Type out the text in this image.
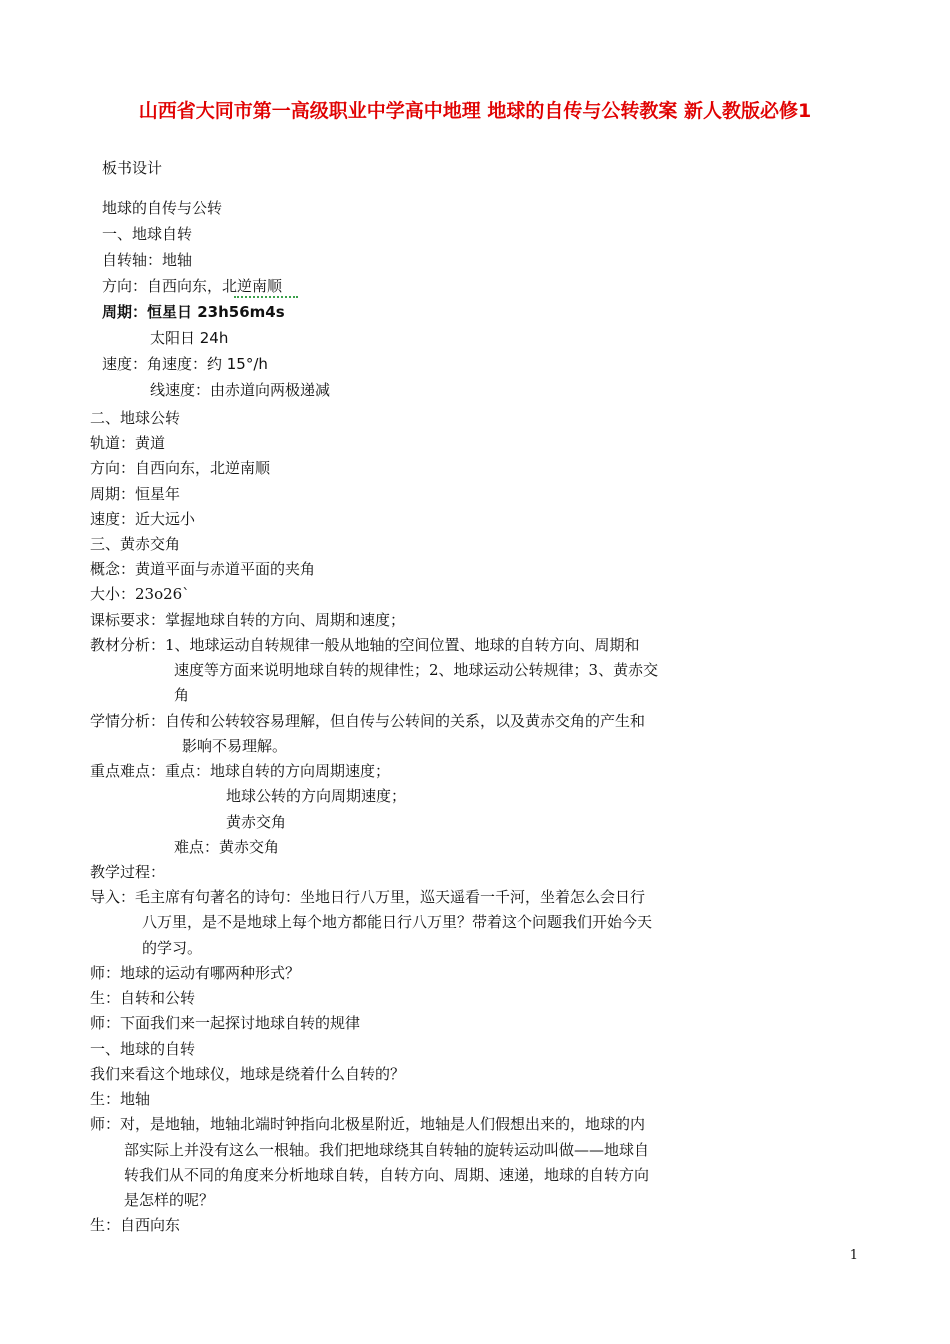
山西省大同市第一高级职业中学高中地理 地球的自传与公转教案 新人教版必修1
板书设计
地球的自传与公转
一、地球自转
自转轴：地轴
方向：自西向东，北逆南顺
周期：恒星日 23h56m4s
太阳日 24h
速度：角速度：约 15°/h
线速度：由赤道向两极递减
二、地球公转
轨道：黄道
方向：自西向东，北逆南顺
周期：恒星年
速度：近大远小
三、黄赤交角
概念：黄道平面与赤道平面的夹角
大小：23o26`
课标要求：掌握地球自转的方向、周期和速度；
教材分析：1、地球运动自转规律一般从地轴的空间位置、地球的自转方向、周期和
速度等方面来说明地球自转的规律性；2、地球运动公转规律；3、黄赤交
角
学情分析：自传和公转较容易理解，但自传与公转间的关系，以及黄赤交角的产生和
影响不易理解。
重点难点：重点：地球自转的方向周期速度；
地球公转的方向周期速度；
黄赤交角
难点：黄赤交角
教学过程：
导入：毛主席有句著名的诗句：坐地日行八万里，巡天遥看一千河，坐着怎么会日行
八万里，是不是地球上每个地方都能日行八万里？带着这个问题我们开始今天
的学习。
师：地球的运动有哪两种形式？
生：自转和公转
师：下面我们来一起探讨地球自转的规律
一、地球的自转
我们来看这个地球仪，地球是绕着什么自转的？
生：地轴
师：对，是地轴，地轴北端时钟指向北极星附近，地轴是人们假想出来的，地球的内
部实际上并没有这么一根轴。我们把地球绕其自转轴的旋转运动叫做——地球自
转我们从不同的角度来分析地球自转，自转方向、周期、速递，地球的自转方向
是怎样的呢？
生：自西向东
1
